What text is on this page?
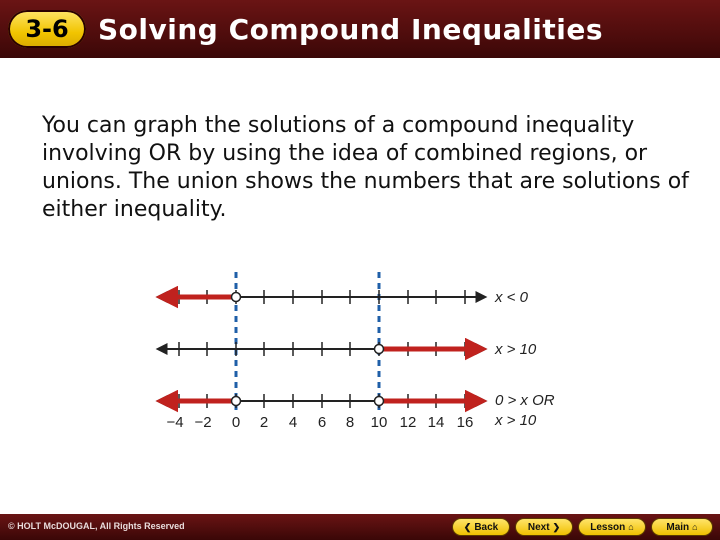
3-6	Solving Compound Inequalities
You can graph the solutions of a compound inequality involving OR by using the idea of combined regions, or unions. The union shows the numbers that are solutions of either inequality.
x < 0
x > 10
0 > x OR
x > 10
−4 −2 0 2 4 6 8 10 12 14 16
© HOLT McDOUGAL, All Rights Reserved	❮ Back	Next ❯	Lesson ⌂	Main ⌂
